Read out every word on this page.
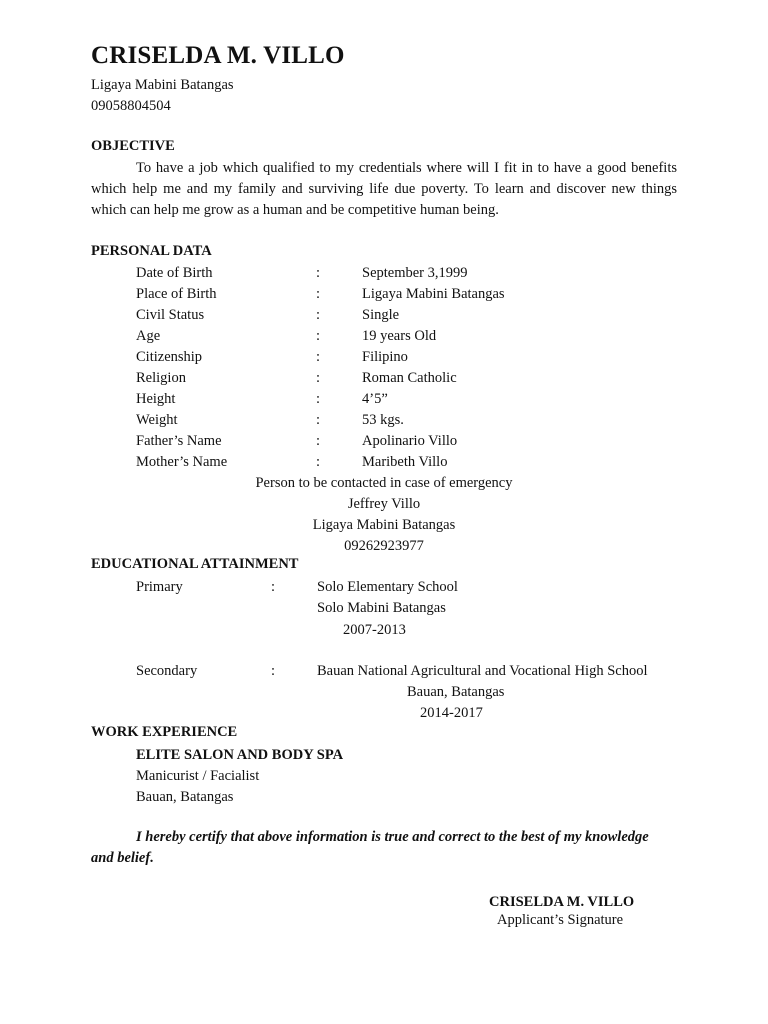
CRISELDA M. VILLO
Ligaya Mabini Batangas
09058804504
OBJECTIVE
To have a job which qualified to my credentials where will I fit in to have a good benefits which help me and my family and surviving life due poverty. To learn and discover new things which can help me grow as a human and be competitive human being.
PERSONAL DATA
Date of Birth	:	September 3,1999
Place of Birth	:	Ligaya Mabini Batangas
Civil Status	:	Single
Age	:	19 years Old
Citizenship	:	Filipino
Religion	:	Roman Catholic
Height	:	4’5”
Weight	:	53 kgs.
Father’s Name	:	Apolinario Villo
Mother’s Name	:	Maribeth Villo
Person to be contacted in case of emergency
Jeffrey Villo
Ligaya Mabini Batangas
09262923977
EDUCATIONAL ATTAINMENT
Primary	:	Solo Elementary School
Solo Mabini Batangas
2007-2013
Secondary	:	Bauan National Agricultural and Vocational High School
Bauan, Batangas
2014-2017
WORK EXPERIENCE
ELITE SALON AND BODY SPA
Manicurist / Facialist
Bauan, Batangas
I hereby certify that above information is true and correct to the best of my knowledge and belief.
CRISELDA M. VILLO
Applicant’s Signature
